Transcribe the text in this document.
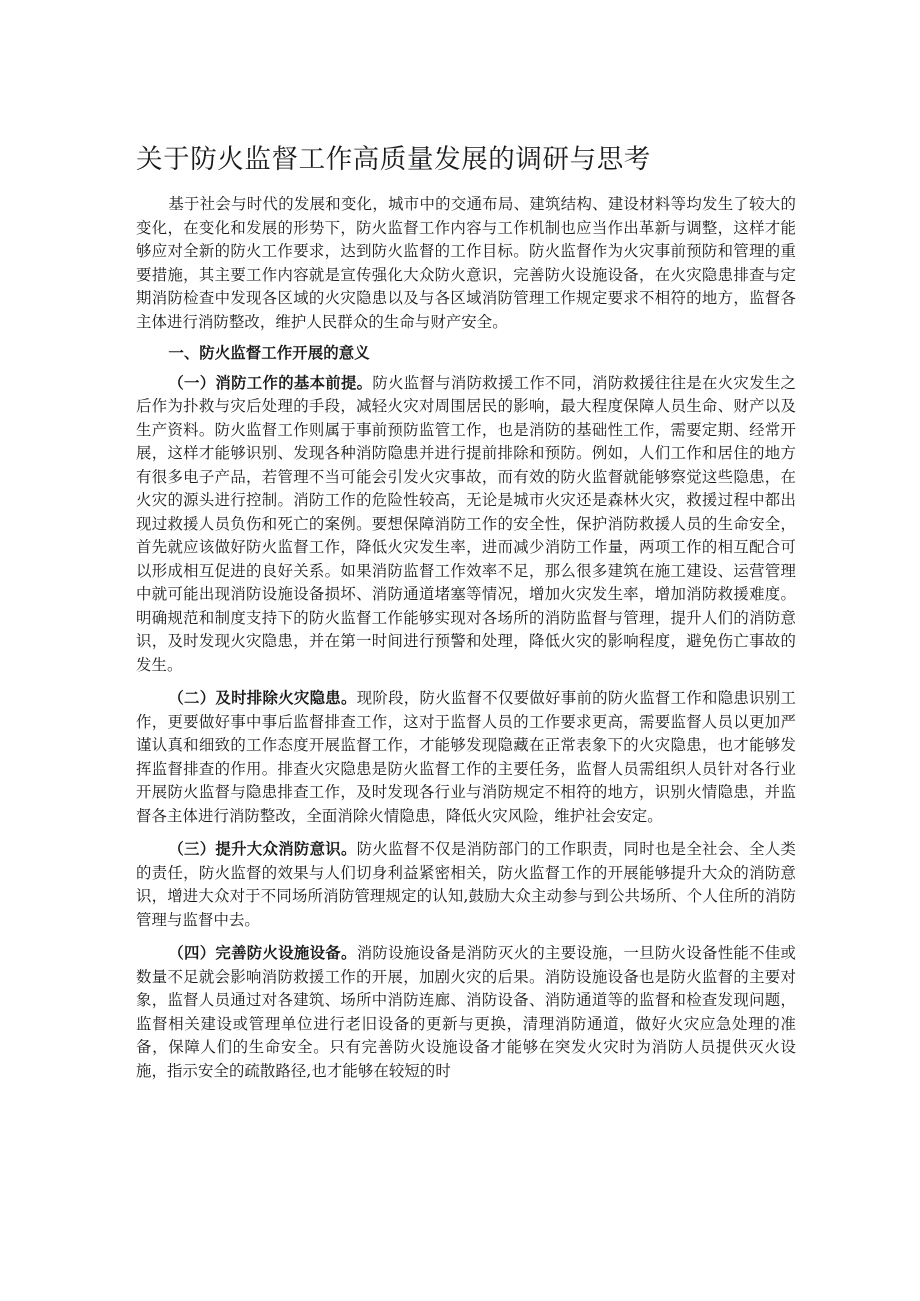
关于防火监督工作高质量发展的调研与思考

基于社会与时代的发展和变化，城市中的交通布局、建筑结构、建设材料等均发生了较大的变化，在变化和发展的形势下，防火监督工作内容与工作机制也应当作出革新与调整，这样才能够应对全新的防火工作要求，达到防火监督的工作目标。防火监督作为火灾事前预防和管理的重要措施，其主要工作内容就是宣传强化大众防火意识，完善防火设施设备，在火灾隐患排查与定期消防检查中发现各区域的火灾隐患以及与各区域消防管理工作规定要求不相符的地方，监督各主体进行消防整改，维护人民群众的生命与财产安全。

一、防火监督工作开展的意义

（一）消防工作的基本前提。防火监督与消防救援工作不同，消防救援往往是在火灾发生之后作为扑救与灾后处理的手段，减轻火灾对周围居民的影响，最大程度保障人员生命、财产以及生产资料。防火监督工作则属于事前预防监管工作，也是消防的基础性工作，需要定期、经常开展，这样才能够识别、发现各种消防隐患并进行提前排除和预防。例如，人们工作和居住的地方有很多电子产品，若管理不当可能会引发火灾事故，而有效的防火监督就能够察觉这些隐患，在火灾的源头进行控制。消防工作的危险性较高，无论是城市火灾还是森林火灾，救援过程中都出现过救援人员负伤和死亡的案例。要想保障消防工作的安全性，保护消防救援人员的生命安全，首先就应该做好防火监督工作，降低火灾发生率，进而减少消防工作量，两项工作的相互配合可以形成相互促进的良好关系。如果消防监督工作效率不足，那么很多建筑在施工建设、运营管理中就可能出现消防设施设备损坏、消防通道堵塞等情况，增加火灾发生率，增加消防救援难度。明确规范和制度支持下的防火监督工作能够实现对各场所的消防监督与管理，提升人们的消防意识，及时发现火灾隐患，并在第一时间进行预警和处理，降低火灾的影响程度，避免伤亡事故的发生。

（二）及时排除火灾隐患。现阶段，防火监督不仅要做好事前的防火监督工作和隐患识别工作，更要做好事中事后监督排查工作，这对于监督人员的工作要求更高，需要监督人员以更加严谨认真和细致的工作态度开展监督工作，才能够发现隐藏在正常表象下的火灾隐患，也才能够发挥监督排查的作用。排查火灾隐患是防火监督工作的主要任务，监督人员需组织人员针对各行业开展防火监督与隐患排查工作，及时发现各行业与消防规定不相符的地方，识别火情隐患，并监督各主体进行消防整改，全面消除火情隐患，降低火灾风险，维护社会安定。

（三）提升大众消防意识。防火监督不仅是消防部门的工作职责，同时也是全社会、全人类的责任，防火监督的效果与人们切身利益紧密相关，防火监督工作的开展能够提升大众的消防意识，增进大众对于不同场所消防管理规定的认知,鼓励大众主动参与到公共场所、个人住所的消防管理与监督中去。

（四）完善防火设施设备。消防设施设备是消防灭火的主要设施，一旦防火设备性能不佳或数量不足就会影响消防救援工作的开展，加剧火灾的后果。消防设施设备也是防火监督的主要对象，监督人员通过对各建筑、场所中消防连廊、消防设备、消防通道等的监督和检查发现问题，监督相关建设或管理单位进行老旧设备的更新与更换，清理消防通道，做好火灾应急处理的准备，保障人们的生命安全。只有完善防火设施设备才能够在突发火灾时为消防人员提供灭火设施，指示安全的疏散路径,也才能够在较短的时
